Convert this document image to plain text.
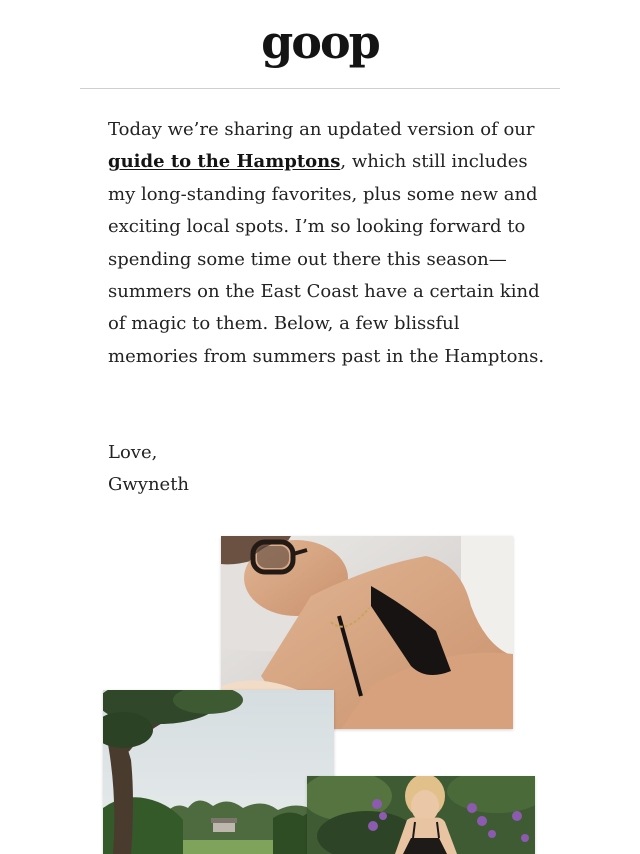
goop

Today we’re sharing an updated version of our guide to the Hamptons, which still includes my long-standing favorites, plus some new and exciting local spots. I’m so looking forward to spending some time out there this season—summers on the East Coast have a certain kind of magic to them. Below, a few blissful memories from summers past in the Hamptons.

Love,
Gwyneth
